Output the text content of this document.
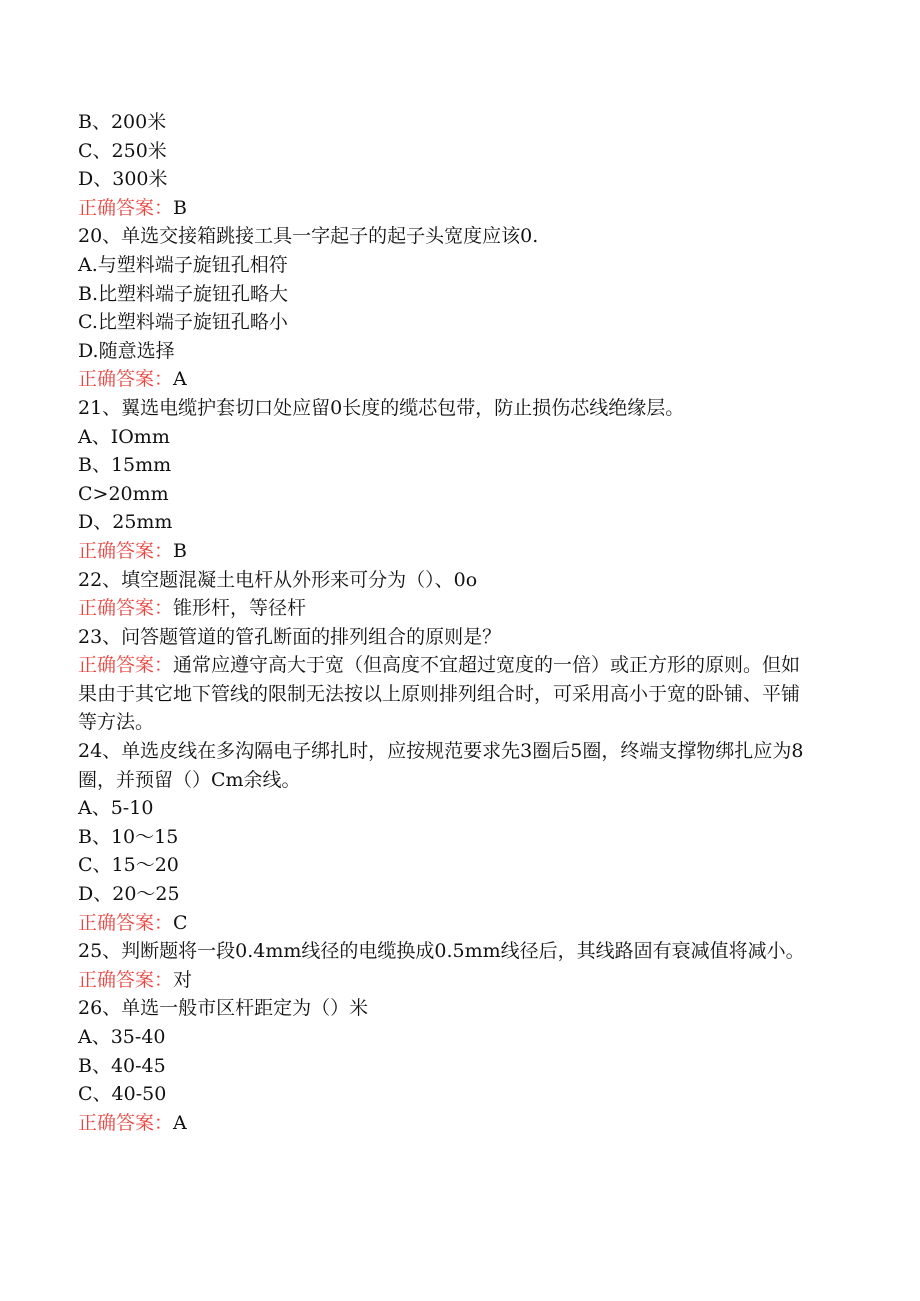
B、200米
C、250米
D、300米
正确答案：B
20、单选交接箱跳接工具一字起子的起子头宽度应该0.
A.与塑料端子旋钮孔相符
B.比塑料端子旋钮孔略大
C.比塑料端子旋钮孔略小
D.随意选择
正确答案：A
21、翼选电缆护套切口处应留0长度的缆芯包带，防止损伤芯线绝缘层。
A、IOmm
B、15mm
C>20mm
D、25mm
正确答案：B
22、填空题混凝土电杆从外形来可分为（）、0o
正确答案：锥形杆，等径杆
23、问答题管道的管孔断面的排列组合的原则是？
正确答案：通常应遵守高大于宽（但高度不宜超过宽度的一倍）或正方形的原则。但如果由于其它地下管线的限制无法按以上原则排列组合时，可采用高小于宽的卧铺、平铺等方法。
24、单选皮线在多沟隔电子绑扎时，应按规范要求先3圈后5圈，终端支撑物绑扎应为8圈，并预留（）Cm余线。
A、5-10
B、10～15
C、15～20
D、20～25
正确答案：C
25、判断题将一段0.4mm线径的电缆换成0.5mm线径后，其线路固有衰减值将减小。
正确答案：对
26、单选一般市区杆距定为（）米
A、35-40
B、40-45
C、40-50
正确答案：A
